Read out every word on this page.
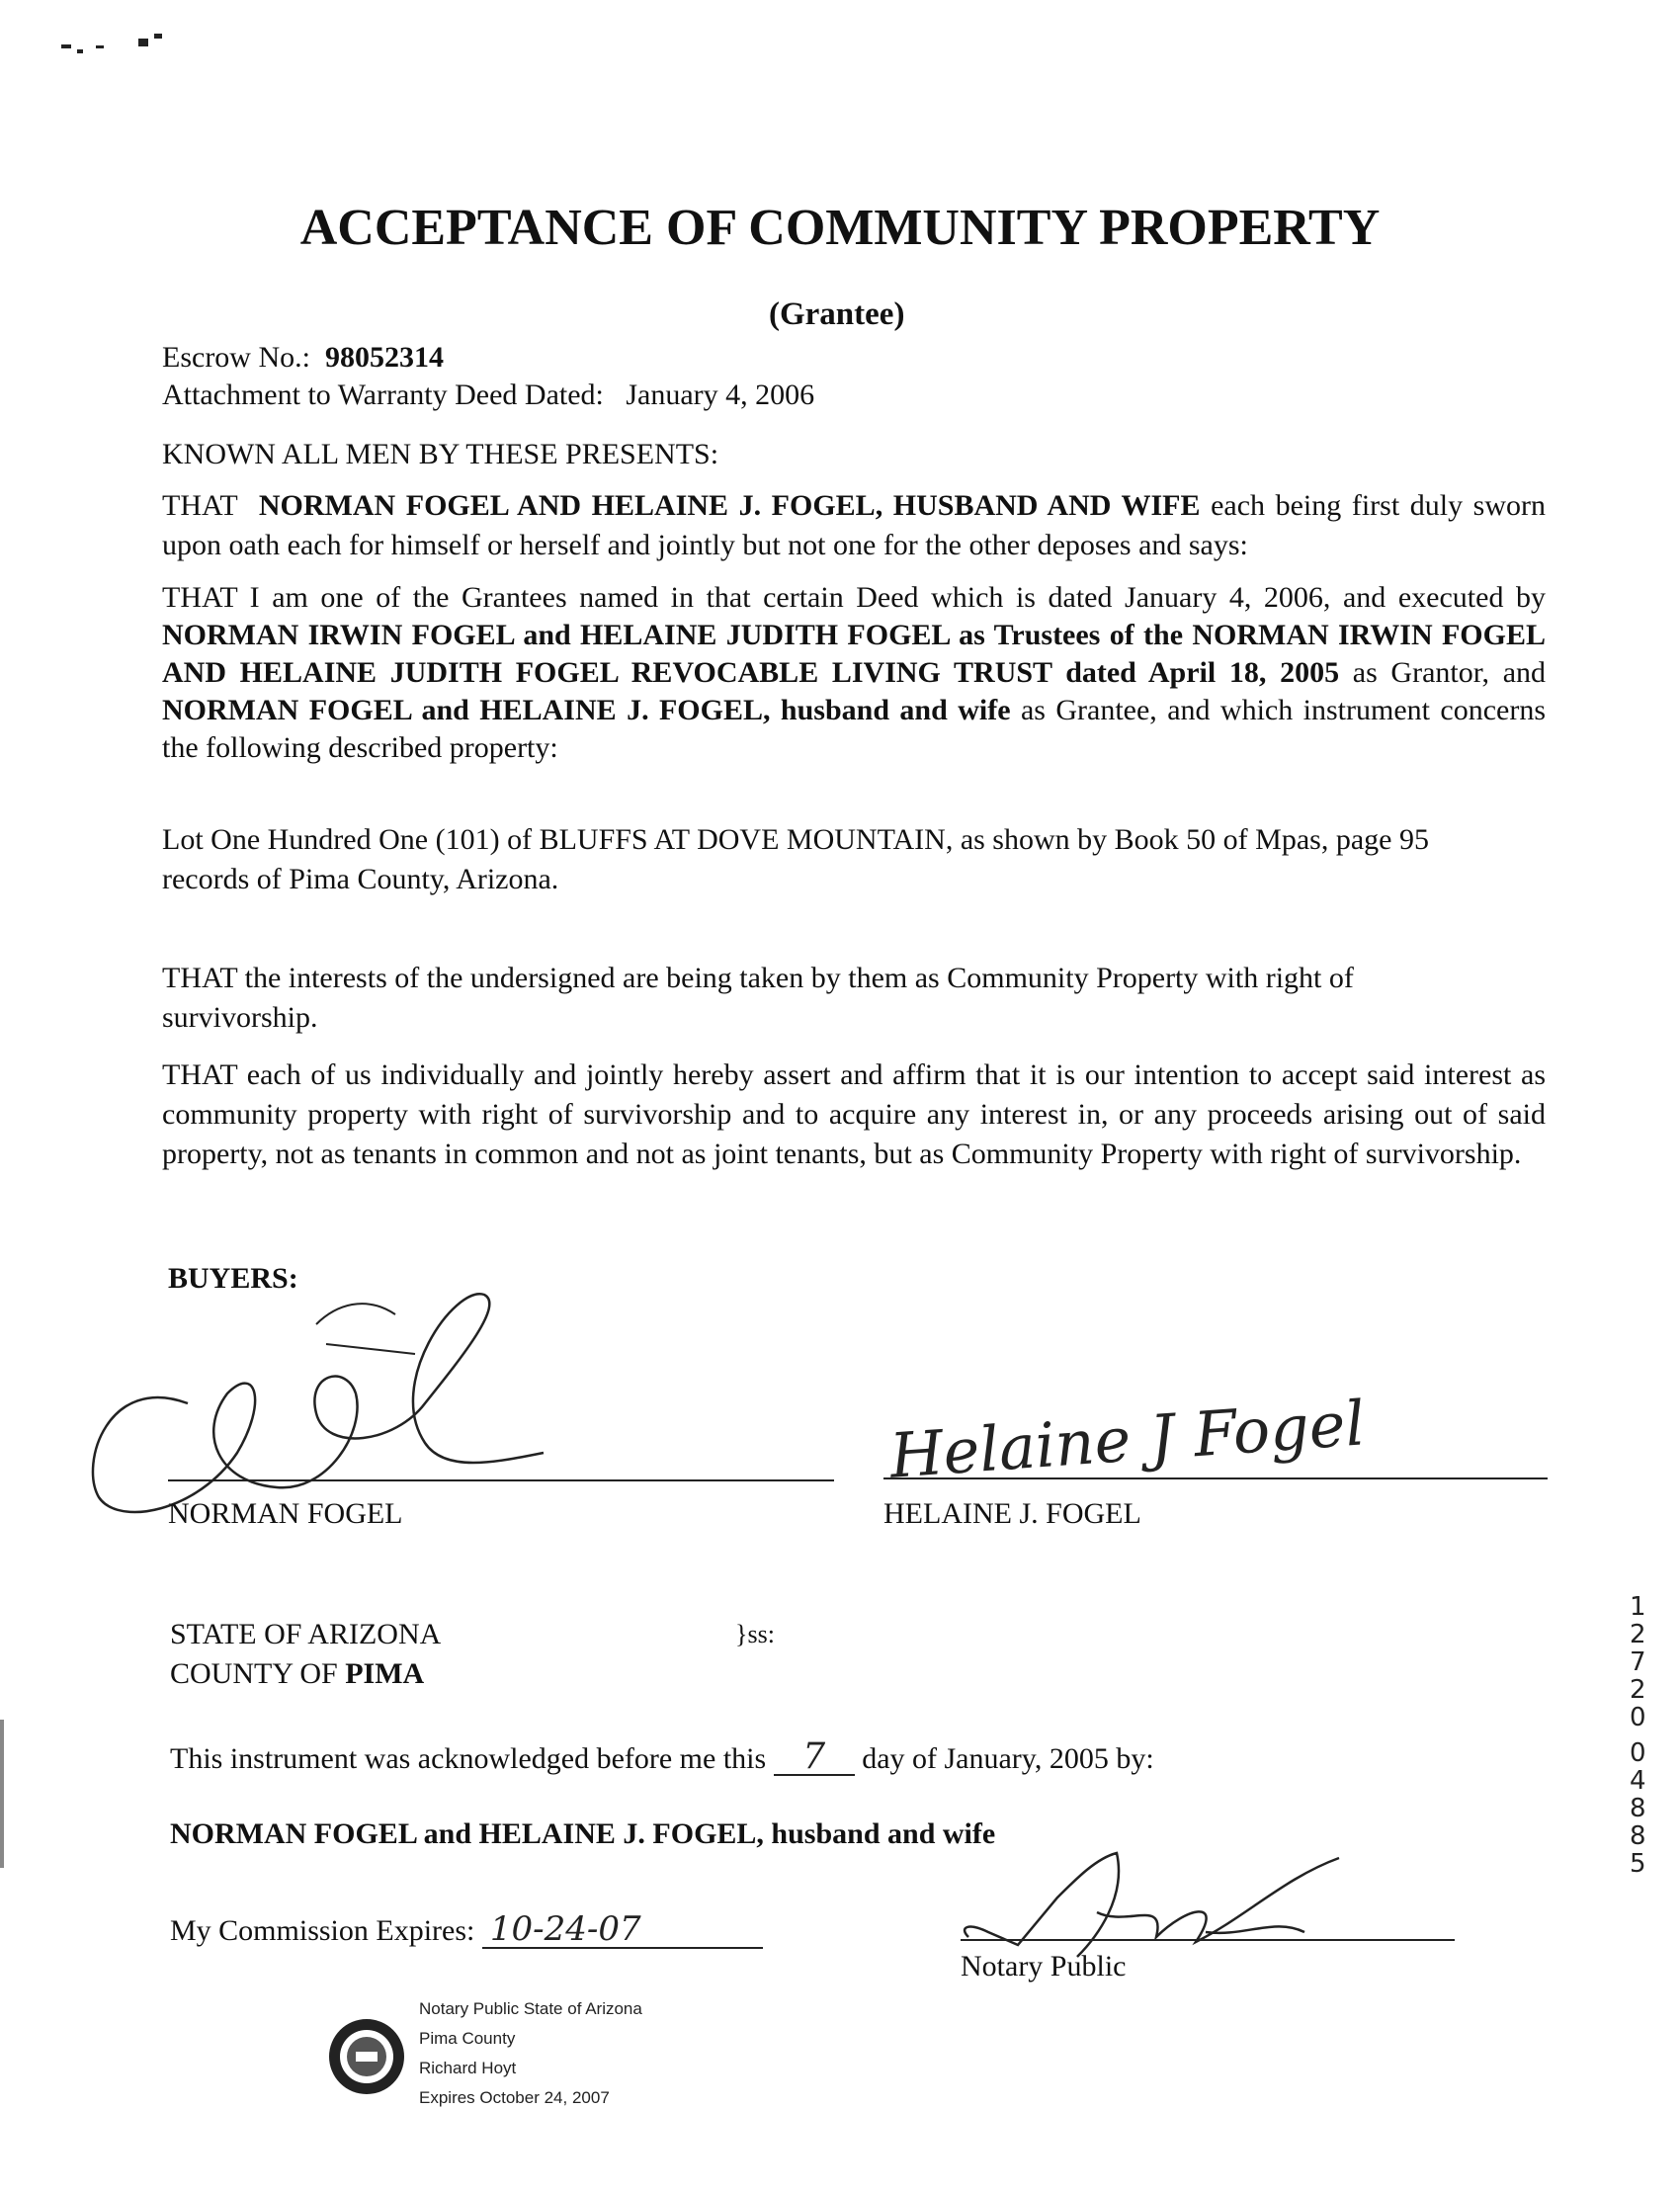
ACCEPTANCE OF COMMUNITY PROPERTY
(Grantee)
Escrow No.: 98052314
Attachment to Warranty Deed Dated: January 4, 2006
KNOWN ALL MEN BY THESE PRESENTS:
THAT NORMAN FOGEL AND HELAINE J. FOGEL, HUSBAND AND WIFE each being first duly sworn upon oath each for himself or herself and jointly but not one for the other deposes and says:
THAT I am one of the Grantees named in that certain Deed which is dated January 4, 2006, and executed by NORMAN IRWIN FOGEL and HELAINE JUDITH FOGEL as Trustees of the NORMAN IRWIN FOGEL AND HELAINE JUDITH FOGEL REVOCABLE LIVING TRUST dated April 18, 2005 as Grantor, and NORMAN FOGEL and HELAINE J. FOGEL, husband and wife as Grantee, and which instrument concerns the following described property:
Lot One Hundred One (101) of BLUFFS AT DOVE MOUNTAIN, as shown by Book 50 of Mpas, page 95 records of Pima County, Arizona.
THAT the interests of the undersigned are being taken by them as Community Property with right of survivorship.
THAT each of us individually and jointly hereby assert and affirm that it is our intention to accept said interest as community property with right of survivorship and to acquire any interest in, or any proceeds arising out of said property, not as tenants in common and not as joint tenants, but as Community Property with right of survivorship.
BUYERS:
NORMAN FOGEL
Helaine J Fogel
HELAINE J. FOGEL
12720
04885
STATE OF ARIZONA	}ss:
COUNTY OF PIMA
This instrument was acknowledged before me this 7 day of January, 2005 by:
NORMAN FOGEL and HELAINE J. FOGEL, husband and wife
My Commission Expires: 10-24-07
Notary Public
Notary Public State of Arizona
Pima County
Richard Hoyt
Expires October 24, 2007
